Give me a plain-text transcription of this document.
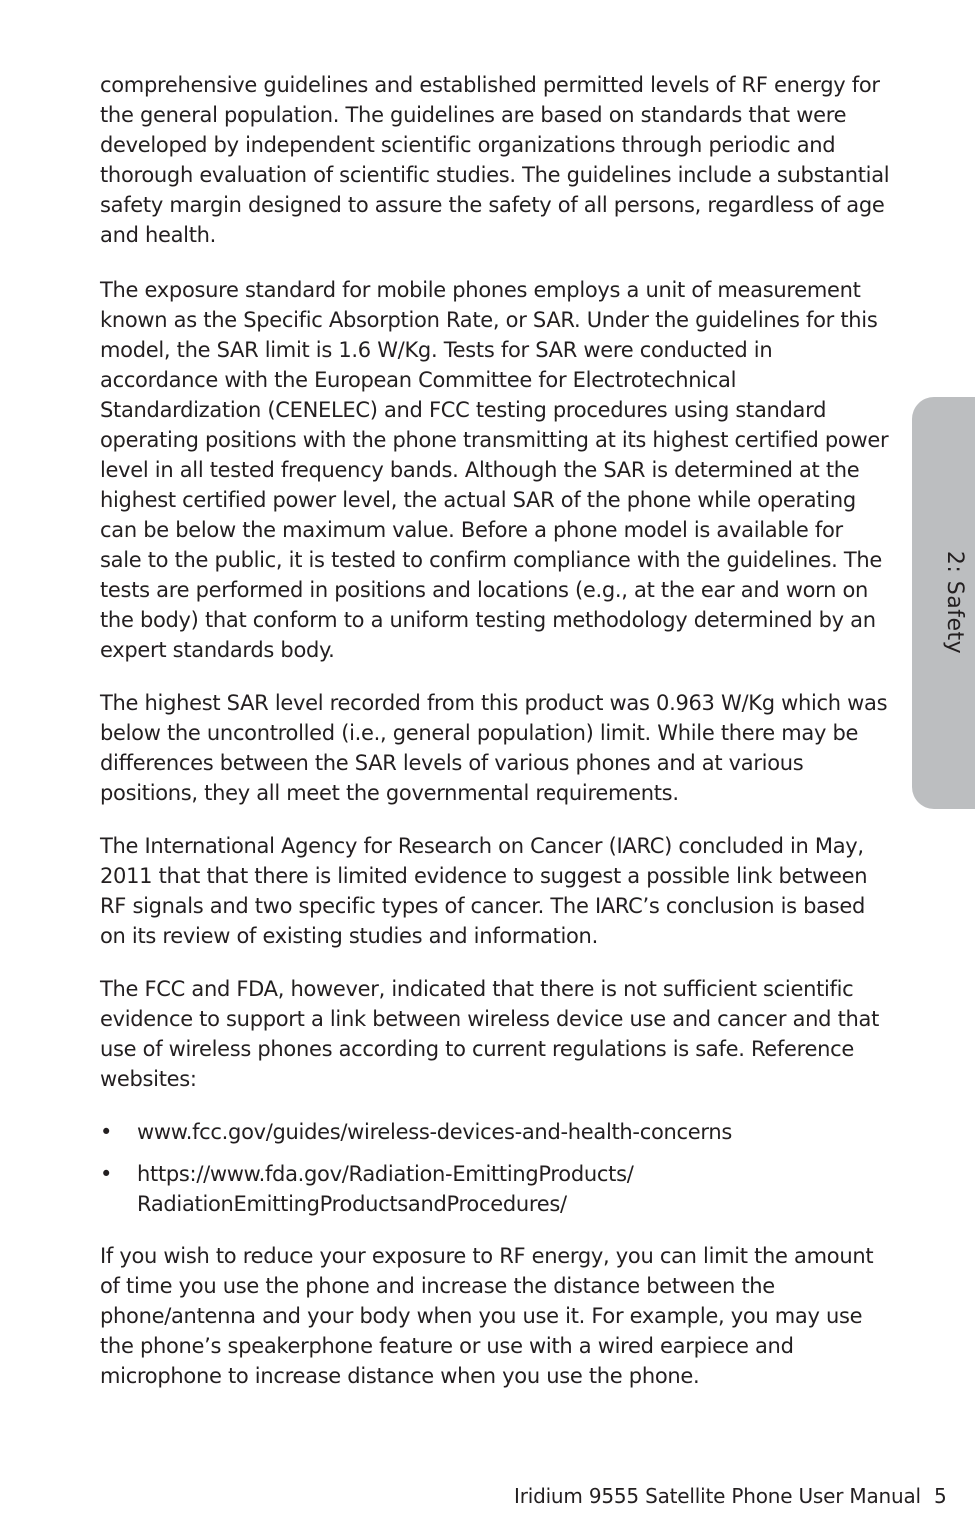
comprehensive guidelines and established permitted levels of RF energy for the general population. The guidelines are based on standards that were developed by independent scientific organizations through periodic and thorough evaluation of scientific studies. The guidelines include a substantial safety margin designed to assure the safety of all persons, regardless of age and health.

The exposure standard for mobile phones employs a unit of measurement known as the Specific Absorption Rate, or SAR. Under the guidelines for this model, the SAR limit is 1.6 W/Kg. Tests for SAR were conducted in accordance with the European Committee for Electrotechnical Standardization (CENELEC) and FCC testing procedures using standard operating positions with the phone transmitting at its highest certified power level in all tested frequency bands. Although the SAR is determined at the highest certified power level, the actual SAR of the phone while operating can be below the maximum value. Before a phone model is available for sale to the public, it is tested to confirm compliance with the guidelines. The tests are performed in positions and locations (e.g., at the ear and worn on the body) that conform to a uniform testing methodology determined by an expert standards body.

The highest SAR level recorded from this product was 0.963 W/Kg which was below the uncontrolled (i.e., general population) limit. While there may be differences between the SAR levels of various phones and at various positions, they all meet the governmental requirements.

The International Agency for Research on Cancer (IARC) concluded in May, 2011 that that there is limited evidence to suggest a possible link between RF signals and two specific types of cancer. The IARC’s conclusion is based on its review of existing studies and information.

The FCC and FDA, however, indicated that there is not sufficient scientific evidence to support a link between wireless device use and cancer and that use of wireless phones according to current regulations is safe. Reference websites:

• www.fcc.gov/guides/wireless-devices-and-health-concerns
• https://www.fda.gov/Radiation-EmittingProducts/ RadiationEmittingProductsandProcedures/

If you wish to reduce your exposure to RF energy, you can limit the amount of time you use the phone and increase the distance between the phone/antenna and your body when you use it. For example, you may use the phone’s speakerphone feature or use with a wired earpiece and microphone to increase distance when you use the phone.

2: Safety
Iridium 9555 Satellite Phone User Manual 5
